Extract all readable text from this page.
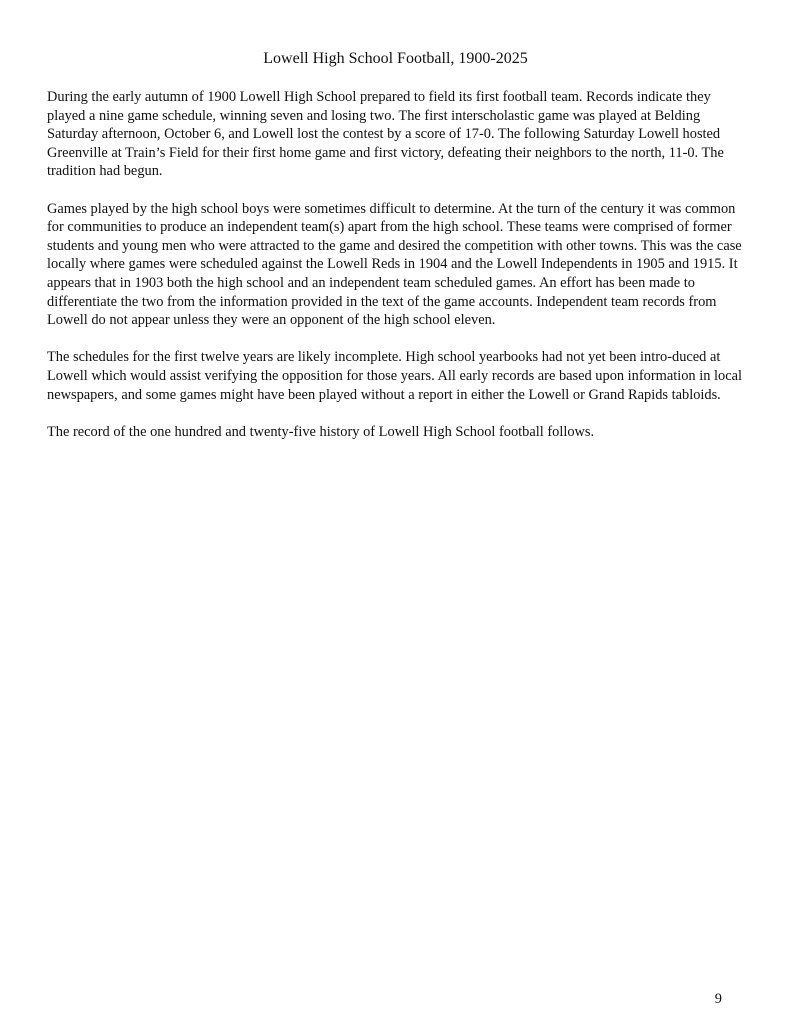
Lowell High School Football, 1900-2025

During the early autumn of 1900 Lowell High School prepared to field its first football team. Records indicate they played a nine game schedule, winning seven and losing two. The first interscholastic game was played at Belding Saturday afternoon, October 6, and Lowell lost the contest by a score of 17-0. The following Saturday Lowell hosted Greenville at Train’s Field for their first home game and first victory, defeating their neighbors to the north, 11-0. The tradition had begun.

Games played by the high school boys were sometimes difficult to determine. At the turn of the century it was common for communities to produce an independent team(s) apart from the high school. These teams were comprised of former students and young men who were attracted to the game and desired the competition with other towns. This was the case locally where games were scheduled against the Lowell Reds in 1904 and the Lowell Independents in 1905 and 1915. It appears that in 1903 both the high school and an independent team scheduled games. An effort has been made to differentiate the two from the information provided in the text of the game accounts. Independent team records from Lowell do not appear unless they were an opponent of the high school eleven.

The schedules for the first twelve years are likely incomplete. High school yearbooks had not yet been intro-duced at Lowell which would assist verifying the opposition for those years. All early records are based upon information in local newspapers, and some games might have been played without a report in either the Lowell or Grand Rapids tabloids.

The record of the one hundred and twenty-five history of Lowell High School football follows.

9
